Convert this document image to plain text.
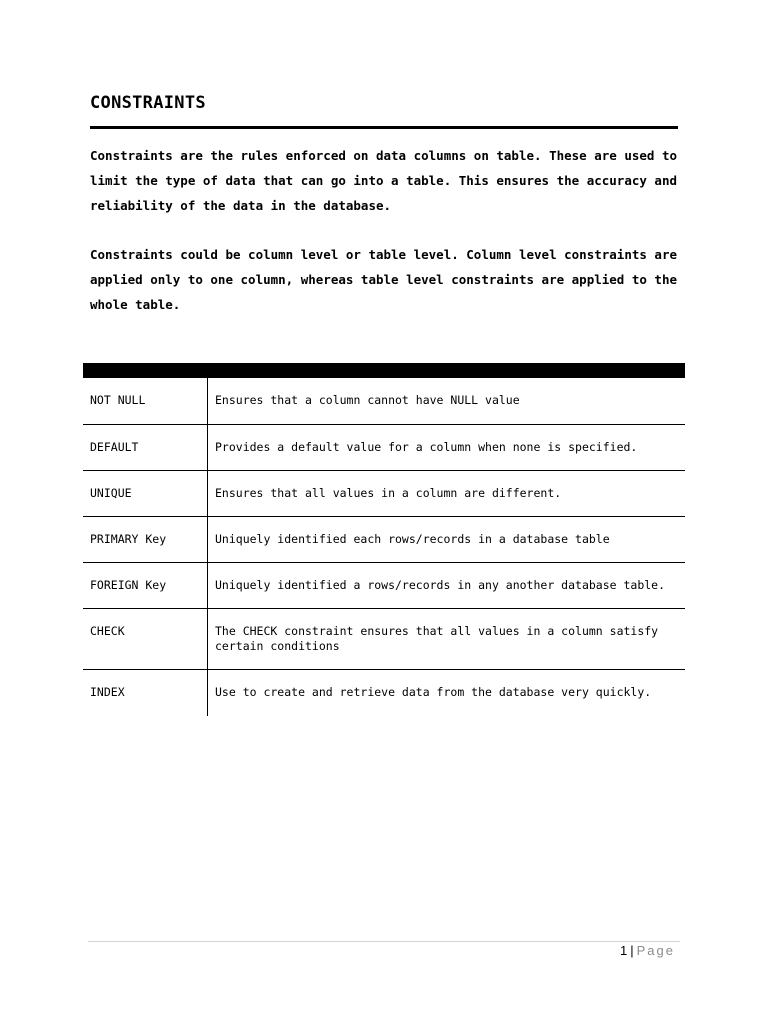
CONSTRAINTS
Constraints are the rules enforced on data columns on table. These are used to limit the type of data that can go into a table. This ensures the accuracy and reliability of the data in the database.
Constraints could be column level or table level. Column level constraints are applied only to one column, whereas table level constraints are applied to the whole table.
NOT NULL	Ensures that a column cannot have NULL value
DEFAULT	Provides a default value for a column when none is specified.
UNIQUE	Ensures that all values in a column are different.
PRIMARY Key	Uniquely identified each rows/records in a database table
FOREIGN Key	Uniquely identified a rows/records in any another database table.
CHECK	The CHECK constraint ensures that all values in a column satisfy certain conditions
INDEX	Use to create and retrieve data from the database very quickly.
1 | Page
